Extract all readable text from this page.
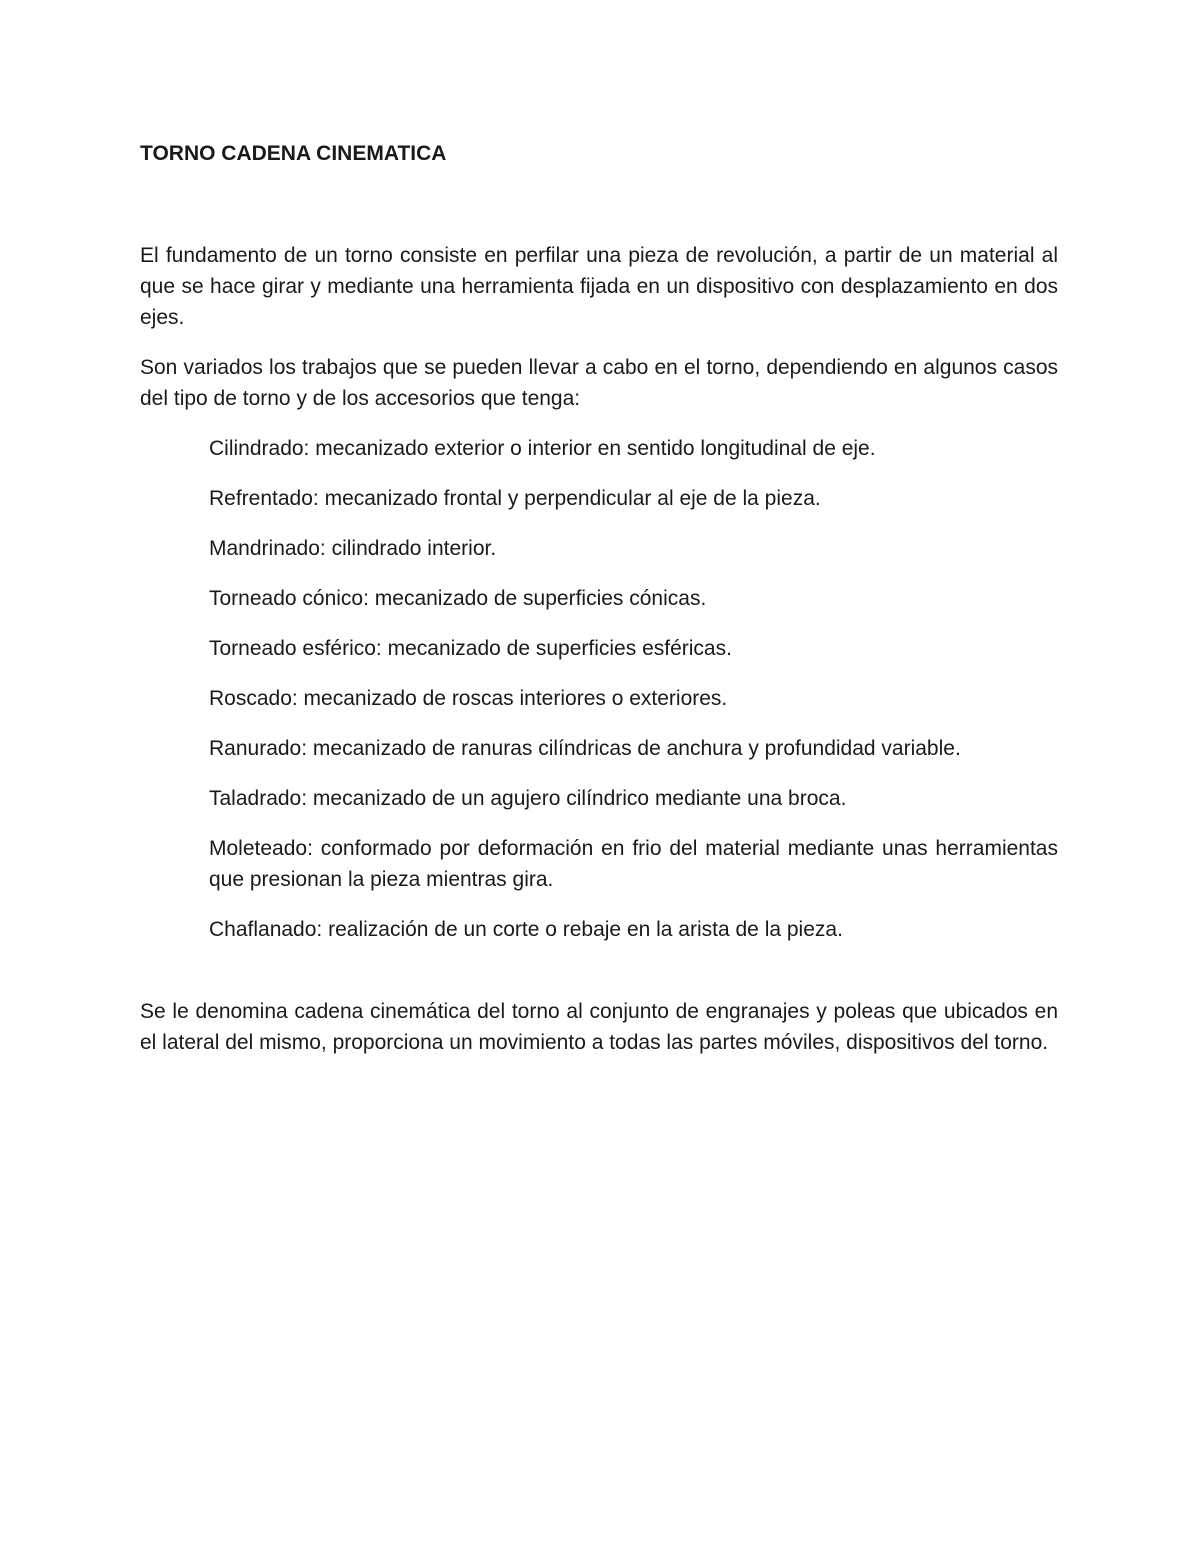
TORNO CADENA CINEMATICA

El fundamento de un torno consiste en perfilar una pieza de revolución, a partir de un material al que se hace girar y mediante una herramienta fijada en un dispositivo con desplazamiento en dos ejes.

Son variados los trabajos que se pueden llevar a cabo en el torno, dependiendo en algunos casos del tipo de torno y de los accesorios que tenga:

Cilindrado: mecanizado exterior o interior en sentido longitudinal de eje.
Refrentado: mecanizado frontal y perpendicular al eje de la pieza.
Mandrinado: cilindrado interior.
Torneado cónico: mecanizado de superficies cónicas.
Torneado esférico: mecanizado de superficies esféricas.
Roscado: mecanizado de roscas interiores o exteriores.
Ranurado: mecanizado de ranuras cilíndricas de anchura y profundidad variable.
Taladrado: mecanizado de un agujero cilíndrico mediante una broca.
Moleteado: conformado por deformación en frio del material mediante unas herramientas que presionan la pieza mientras gira.
Chaflanado: realización de un corte o rebaje en la arista de la pieza.

Se le denomina cadena cinemática del torno al conjunto de engranajes y poleas que ubicados en el lateral del mismo, proporciona un movimiento a todas las partes móviles, dispositivos del torno.
